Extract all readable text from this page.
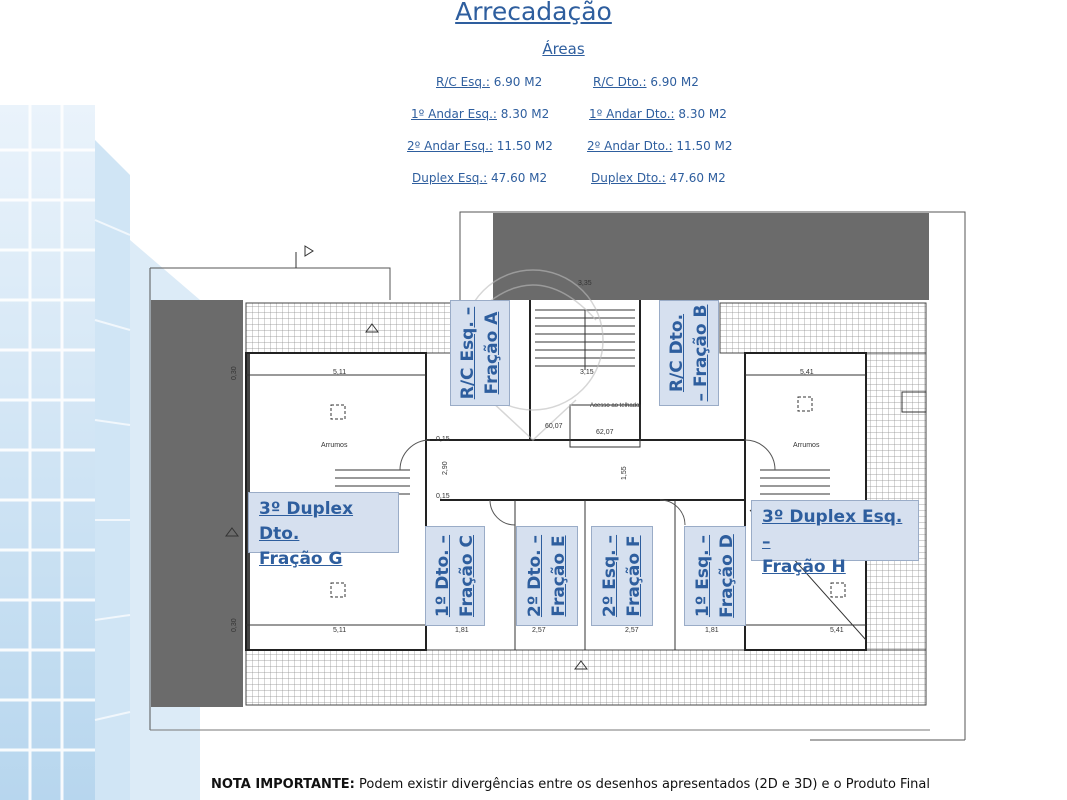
Arrecadação
Áreas
R/C Esq.: 6.90 M2	R/C Dto.: 6.90 M2
1º Andar Esq.: 8.30 M2	1º Andar Dto.: 8.30 M2
2º Andar Esq.: 11.50 M2	2º Andar Dto.: 11.50 M2
Duplex Esq.: 47.60 M2	Duplex Dto.: 47.60 M2
Arrumos	Arrumos
Acesso ao telhado
5,11
5,11
5,41
5,41
3,35
3,15
2,57	2,57
1,81	1,81
0,30
0,30
2,90	1,55
0,15
0,15
62,07
60,07
3º Duplex Dto.
Fração G
3º Duplex Esq. –
Fração H
R/C Esq. – Fração A	R/C Dto. – Fração B
1º Dto. – Fração C	2º Dto. – Fração E 2º Esq. – Fração F	1º Esq. – Fração D
NOTA IMPORTANTE: Podem existir divergências entre os desenhos apresentados (2D e 3D) e o Produto Final
